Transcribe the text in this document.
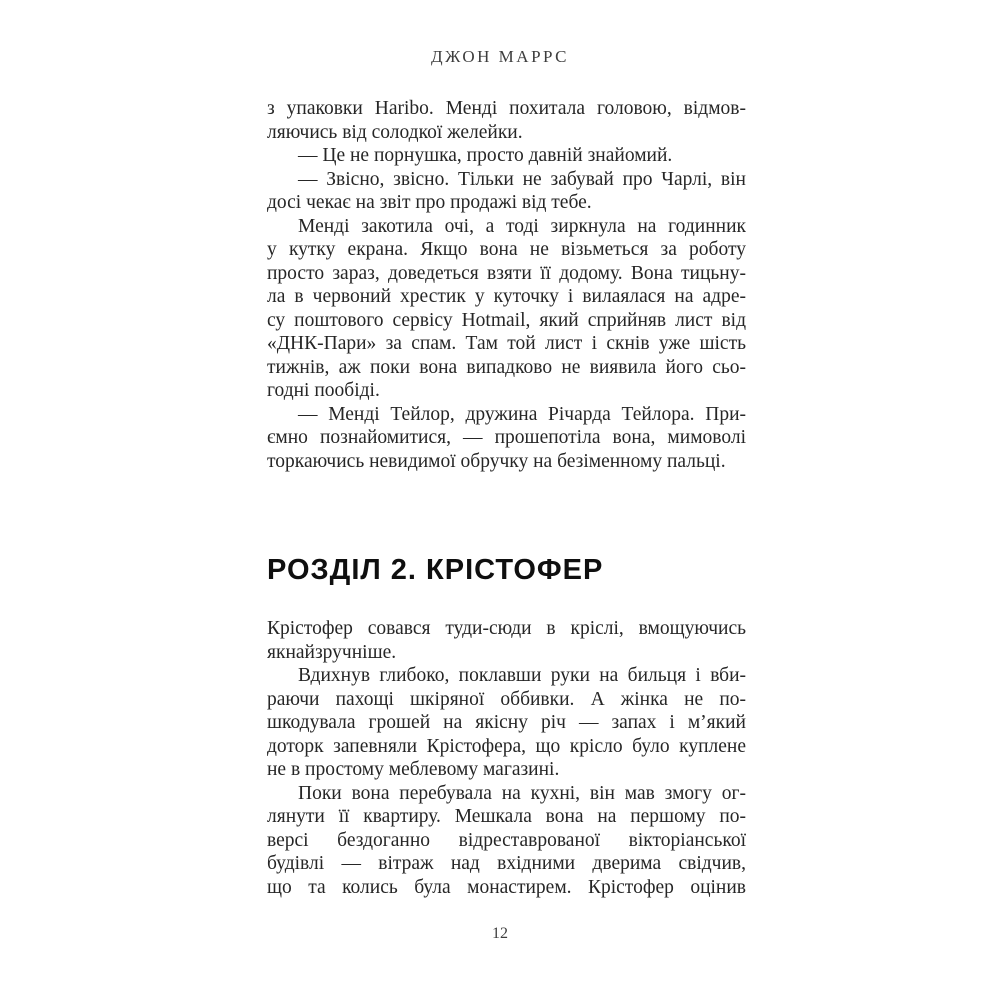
ДЖОН МАРРС
з упаковки Haribo. Менді похитала головою, відмов-
ляючись від солодкої желейки.
— Це не порнушка, просто давній знайомий.
— Звісно, звісно. Тільки не забувай про Чарлі, він
досі чекає на звіт про продажі від тебе.
Менді закотила очі, а тоді зиркнула на годинник
у кутку екрана. Якщо вона не візьметься за роботу
просто зараз, доведеться взяти її додому. Вона тицьну-
ла в червоний хрестик у куточку і вилаялася на адре-
су поштового сервісу Hotmail, який сприйняв лист від
«ДНК-Пари» за спам. Там той лист і скнів уже шість
тижнів, аж поки вона випадково не виявила його сьо-
годні пообіді.
— Менді Тейлор, дружина Річарда Тейлора. При-
ємно познайомитися, — прошепотіла вона, мимоволі
торкаючись невидимої обручку на безіменному пальці.
РОЗДІЛ 2. КРІСТОФЕР
Крістофер совався туди-сюди в кріслі, вмощуючись
якнайзручніше.
Вдихнув глибоко, поклавши руки на бильця і вби-
раючи пахощі шкіряної оббивки. А жінка не по-
шкодувала грошей на якісну річ — запах і м’який
доторк запевняли Крістофера, що крісло було куплене
не в простому меблевому магазині.
Поки вона перебувала на кухні, він мав змогу ог-
лянути її квартиру. Мешкала вона на першому по-
версі бездоганно відреставрованої вікторіанської
будівлі — вітраж над вхідними дверима свідчив,
що та колись була монастирем. Крістофер оцінив
12
